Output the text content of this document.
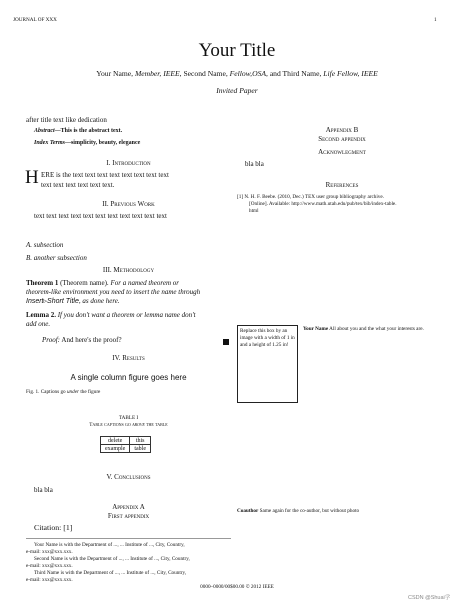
JOURNAL OF XXX	1
Your Title
Your Name, Member, IEEE, Second Name, Fellow,OSA, and Third Name, Life Fellow, IEEE
Invited Paper
after title text like dedication
Abstract—This is the abstract text.
Index Terms—simplicity, beauty, elegance
I. Introduction
H ERE is the text text text text text text text text
text text text text text text.
II. Previous Work
text text text text text text text text text text text
A. subsection
B. another subsection
III. Methodology
Theorem 1 (Theorem name). For a named theorem or
theorem-like environment you need to insert the name through
Insert▹Short Title, as done here.
Lemma 2. If you don't want a theorem or lemma name don't
add one.
Proof: And here's the proof?
IV. Results
A single column figure goes here
Fig. 1. Captions go under the figure
TABLE I
Table captions go above the table
delete	this
example	table
V. Conclusions
bla bla
Appendix A
First appendix
Citation: [1]
Your Name is with the Department of ..., ... Institute of ..., City, Country,
e-mail: xxx@xxx.xxx.
Second Name is with the Department of ..., ... Institute of ..., City, Country,
e-mail: xxx@xxx.xxx.
Third Name is with the Department of ..., ... Institute of ..., City, Country,
e-mail: xxx@xxx.xxx.
Appendix B
Second appendix
Acknowlegment
bla bla
References
[1] N. H. F. Beebe. (2010, Dec.) TEX user group bibliography archive.
[Online]. Available: http://www.math.utah.edu/pub/tex/bib/index-table.
html
Replace this box by an image with a width of 1 in and a height of 1.25 in!
Your Name All about you and the what your interests are.
Coauthor Same again for the co-author, but without photo
0000–0000/00$00.00 © 2012 IEEE
CSDN @Shuai学
